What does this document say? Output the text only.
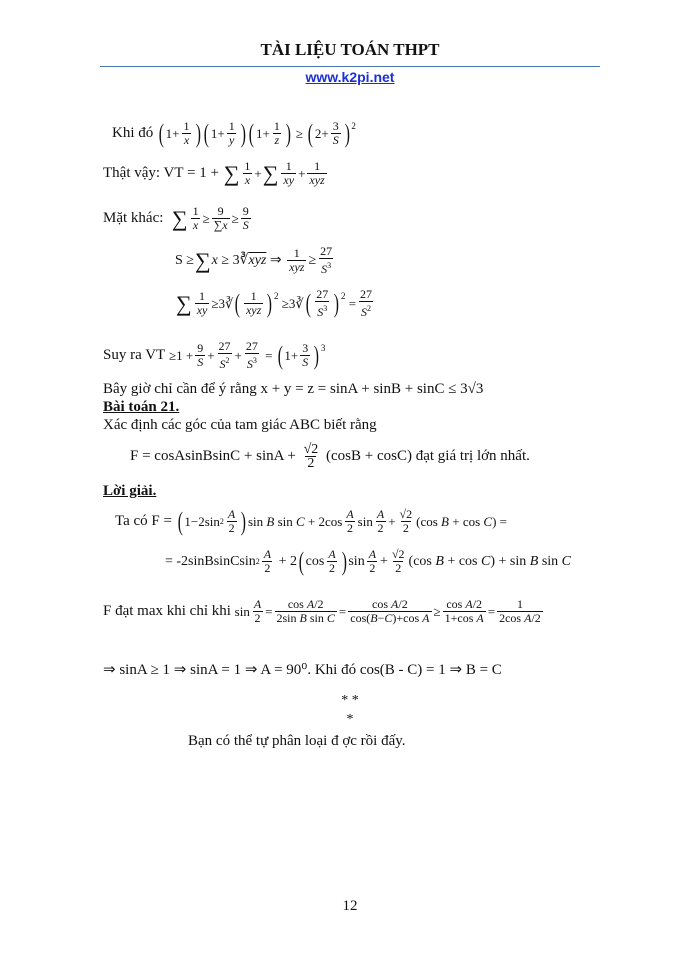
TÀI LIỆU TOÁN THPT
www.k2pi.net
Khi đó
( 1+ 1
x ) ( 1+ 1
y ) ( 1+ 1
z ) ≥ ( 2+ 3
S ) 2
Thật vậy: VT = 1 +
∑ 1
x + ∑ 1
xy + 1
xyz
Mặt khác:
∑ 1
x ≥ 9
∑x ≥ 9
S
S ≥ ∑ x ≥ 3∛ $\overline{xyz}$ ⇒ 1
xyz ≥
27
$S^3$
∑ 1
xy ≥3∛ ( 1
xyz ) 2 ≥3∛ ( 27
$S^3$ ) 2 =
27
$S^2$
Suy ra VT
≥1 + 9
S +
27
$S^2$ +
27
$S^3$ = ( 1+ 3
S ) 3
Bây giờ chỉ cần để ý rằng x + y = z = sinA + sinB + sinC ≤ 3√3
Bài toán 21.
Xác định các góc của tam giác ABC biết rằng
F = cosAsinBsinC + sinA +
$\frac{√2}{2}$
(cosB + cosC) đạt giá trị lớn nhất.
Lời giải.
Ta có F =
( 1−2sin 2
A
2 ) sin B sin C + 2cos A
2 sin A
2 + √2
2 (cos B + cos C ) =
= -2sinBsinCsin 2
A
2 + 2 ( cos A
2 ) sin A
2 + √2
2 (cos B + cos C ) + sin B sin C
F đạt max khi chỉ khi
sin A
2 = cos A/2
2sin B sin C = cos A/2
cos(B−C)+cos A ≥ cos A/2
1+cos A = 1
2cos A/2
⇒ sinA ≥ 1 ⇒ sinA = 1 ⇒ A = 90⁰. Khi đó cos(B - C) = 1 ⇒ B = C
* *
*
Bạn có thể tự phân loại đ ợc rồi đấy.
12
